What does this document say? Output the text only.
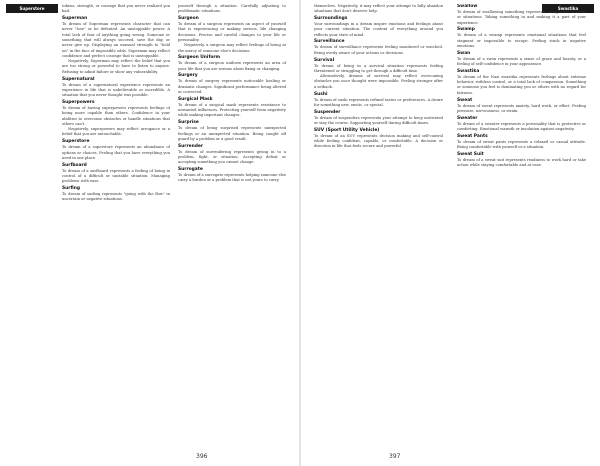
Superstore	tokens, strength, or courage that you never realized you had.

Superman

To dream of Superman represents character that can never "lose" or be defeated. An unstoppable power. A total lack of fear of anything going wrong. Someone or something that will always succeed, save the day, or never give up. Displaying an unusual strength to "hold on" in the face of impossible odds. Superman may reflect confidence and perfect courage that is unstoppable.

Negatively, Superman may reflect the belief that you are too strong or powerful to have to listen to anyone. Refusing to admit failure or show any vulnerability.

Supernatural

To dream of a supernatural experience represents an experience in life that is unbelievable or incredible. A situation that you never thought was possible.

Superpowers

To dream of having superpowers represents feelings of being more capable than others. Confidence in your abilities to overcome obstacles or handle situations that others can't.

Negatively, superpowers may reflect arrogance or a belief that you are untouchable.

Superstore

To dream of a superstore represents an abundance of options or choices. Feeling that you have everything you need in one place.

Surfboard

To dream of a surfboard represents a feeling of being in control of a difficult or unstable situation. Managing problems with ease.

Surfing

To dream of surfing represents "going with the flow" in uncertain or negative situations.

yourself through a situation. Carefully adjusting to problematic situations.

Surgeon

To dream of a surgeon represents an aspect of yourself that is experiencing or making serious, life changing decisions. Precise and careful changes to your life or personality.

Negatively, a surgeon may reflect feelings of being at the mercy of someone else's decisions.

Surgeon Uniform

To dream of a surgeon uniform represents an area of your life that you are serious about fixing or changing.

Surgery

To dream of surgery represents noticeable healing or dramatic changes. Significant performance being altered or corrected.

Surgical Mask

To dream of a surgical mask represents resistance to unwanted influences. Protecting yourself from negativity while making important changes.

Surprise

To dream of being surprised represents unexpected feelings or an unexpected situation. Being caught off guard by a problem or a good result.

Surrender

To dream of surrendering represents giving in to a problem, fight, or situation. Accepting defeat or accepting something you cannot change.

Surrogate

To dream of a surrogate represents helping someone else carry a burden or a problem that is not yours to carry.

396
Swastika

themselves. Negatively, it may reflect your attempt to fully abandon situations that don't deserve help.

Surroundings

Your surroundings in a dream inspire emotions and feelings about your current situation. The context of everything around you reflects your state of mind.

Surveillance

To dream of surveillance represents feeling monitored or watched. Being overly aware of your actions or decisions.

Survival

To dream of being in a survival situation represents feeling threatened or struggling to get through a difficult time.

Alternatively, dreams of survival may reflect overcoming obstacles you once thought were impossible. Feeling stronger after a setback.

Sushi

To dream of sushi represents refined tastes or preferences. A desire for something new, exotic, or special.

Suspender

To dream of suspenders represents your attempt to keep motivated or stay the course. Supporting yourself during difficult times.

SUV (Sport Utility Vehicle)

To dream of an SUV represents decision making and self-control while feeling confident, capable, or comfortable. A decision or direction in life that feels secure and powerful.

Swallow

To dream of swallowing something represents acceptance of ideas or situations. Taking something in and making it a part of your experience.

Swamp

To dream of a swamp represents emotional situations that feel stagnant or impossible to escape. Feeling stuck in negative emotions.

Swan

To dream of a swan represents a sense of grace and beauty, or a feeling of self-confidence in your appearance.

Swastika

To dream of the Nazi swastika represents feelings about extreme behavior, ruthless control, or a total lack of compassion. Something or someone you feel is dominating you or others with no regard for fairness.

Sweat

To dream of sweat represents anxiety, hard work, or effort. Feeling pressure, nervousness, or strain.

Sweater

To dream of a sweater represents a personality that is protective or comforting. Emotional warmth or insulation against negativity.

Sweat Pants

To dream of sweat pants represents a relaxed or casual attitude. Being comfortable with yourself or a situation.

Sweat Suit

To dream of a sweat suit represents readiness to work hard or take action while staying comfortable and at ease.

397
